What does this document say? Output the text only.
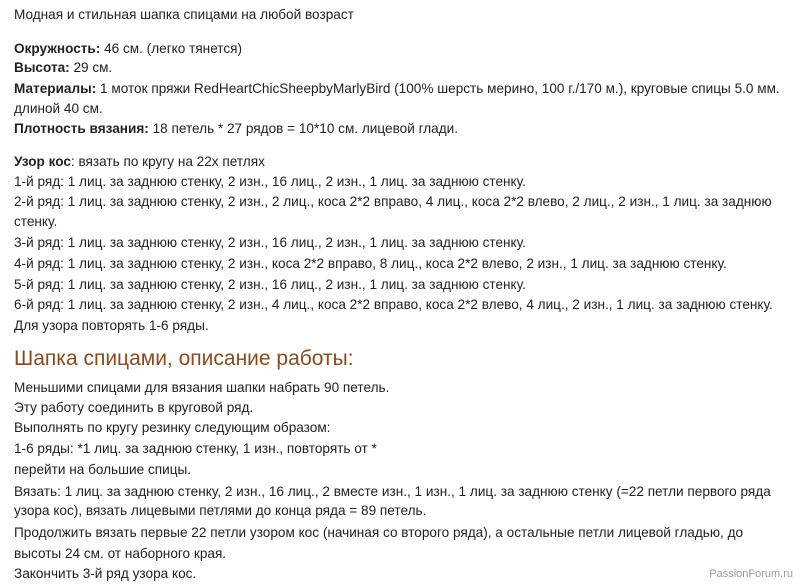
Модная и стильная шапка спицами на любой возраст
Окружность: 46 см. (легко тянется)
Высота: 29 см.
Материалы: 1 моток пряжи RedHeartChicSheepbyMarlyBird (100% шерсть мерино, 100 г./170 м.), круговые спицы 5.0 мм.
длиной 40 см.
Плотность вязания: 18 петель * 27 рядов = 10*10 см. лицевой глади.
Узор кос: вязать по кругу на 22х петлях
1-й ряд: 1 лиц. за заднюю стенку, 2 изн., 16 лиц., 2 изн., 1 лиц. за заднюю стенку.
2-й ряд: 1 лиц. за заднюю стенку, 2 изн., 2 лиц., коса 2*2 вправо, 4 лиц., коса 2*2 влево, 2 лиц., 2 изн., 1 лиц. за заднюю
стенку.
3-й ряд: 1 лиц. за заднюю стенку, 2 изн., 16 лиц., 2 изн., 1 лиц. за заднюю стенку.
4-й ряд: 1 лиц. за заднюю стенку, 2 изн., коса 2*2 вправо, 8 лиц., коса 2*2 влево, 2 изн., 1 лиц. за заднюю стенку.
5-й ряд: 1 лиц. за заднюю стенку, 2 изн., 16 лиц., 2 изн., 1 лиц. за заднюю стенку.
6-й ряд: 1 лиц. за заднюю стенку, 2 изн., 4 лиц., коса 2*2 вправо, коса 2*2 влево, 4 лиц., 2 изн., 1 лиц. за заднюю стенку.
Для узора повторять 1-6 ряды.
Шапка спицами, описание работы:
Меньшими спицами для вязания шапки набрать 90 петель.
Эту работу соединить в круговой ряд.
Выполнять по кругу резинку следующим образом:
1-6 ряды: *1 лиц. за заднюю стенку, 1 изн., повторять от *
перейти на большие спицы.
Вязать: 1 лиц. за заднюю стенку, 2 изн., 16 лиц., 2 вместе изн., 1 изн., 1 лиц. за заднюю стенку (=22 петли первого ряда
узора кос), вязать лицевыми петлями до конца ряда = 89 петель.
Продолжить вязать первые 22 петли узором кос (начиная со второго ряда), а остальные петли лицевой гладью, до
высоты 24 см. от наборного края.
Закончить 3-й ряд узора кос.	PassionForum.ru
